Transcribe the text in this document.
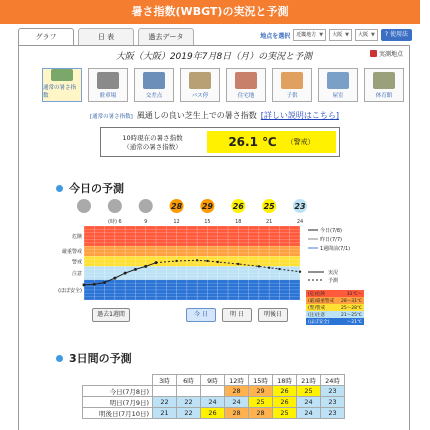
暑さ指数(WBGT)の実況と予測
グラフ	日 表	過去データ	地点を選択 近畿地方 ▼ 大阪 ▼ 大阪 ▼	? 使用法
大阪（大阪）2019年7月8日（月）の実況と予測	実測地点
通常の暑さ指数	駐車場	交差点	バス停	住宅地	子供	屋室	体育館
[通常の暑さ指数] 風通しの良い芝生上での暑さ指数 [詳しい説明はこちら]
10時現在の暑さ指数
（通常の暑さ指数）	26.1 ℃ （警戒）
今日の予測
危険
厳重警戒
警戒
注意
(ほぼ安全)
(時) 6	9	12	15	18	21	24
28 29 26 25 23
今日(7/8)
昨日(7/7)
1週間前(7/1)
実況
予測
(危)危険	31℃〜
(厳)厳重警戒 28〜31℃
(警)警戒	25〜28℃
(注)注意	21〜25℃
(ほぼ安全)	〜21℃
過去1週間	今 日	明 日	明後日
3日間の予測
	3時	6時	9時	12時	15時	18時	21時	24時
今日(7月8日)				28	29	26	25	23
明日(7月9日)	22	22	24	24	25	26	24	23
明後日(7月10日)	21	22	26	28	28	25	24	23
